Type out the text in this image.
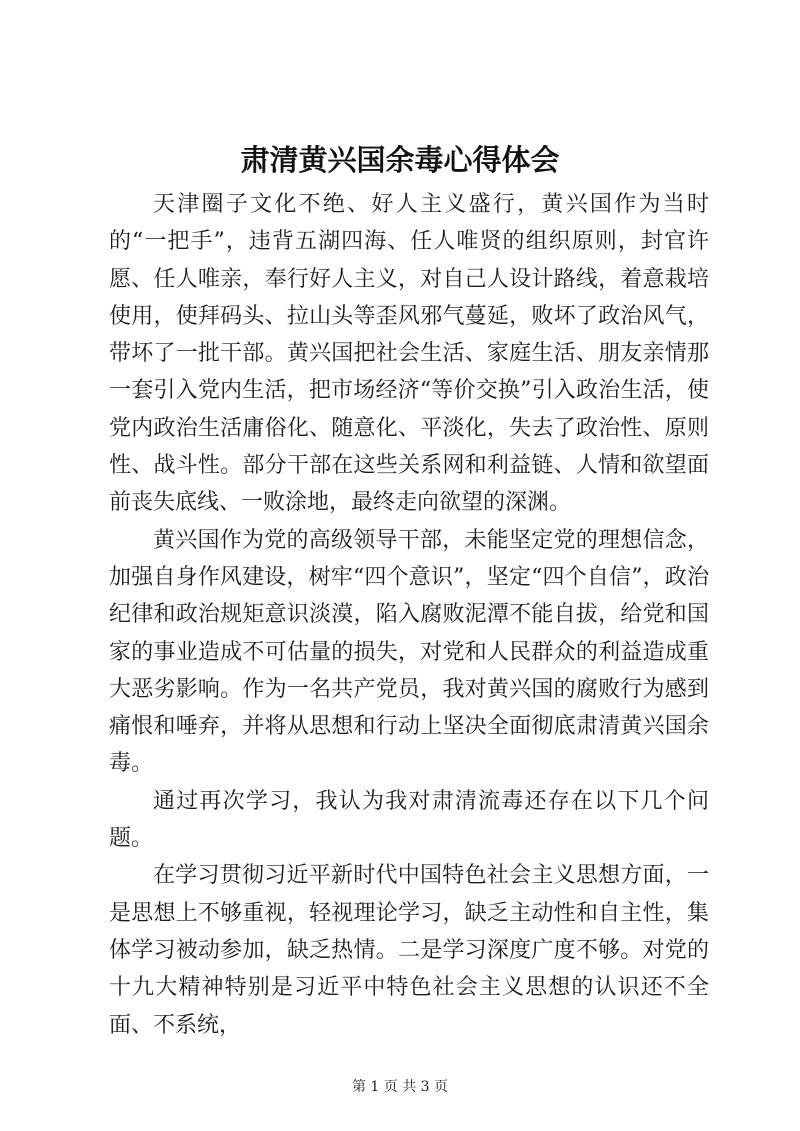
肃清黄兴国余毒心得体会

天津圈子文化不绝、好人主义盛行，黄兴国作为当时的“一把手”，违背五湖四海、任人唯贤的组织原则，封官许愿、任人唯亲，奉行好人主义，对自己人设计路线，着意栽培使用，使拜码头、拉山头等歪风邪气蔓延，败坏了政治风气，带坏了一批干部。黄兴国把社会生活、家庭生活、朋友亲情那一套引入党内生活，把市场经济“等价交换”引入政治生活，使党内政治生活庸俗化、随意化、平淡化，失去了政治性、原则性、战斗性。部分干部在这些关系网和利益链、人情和欲望面前丧失底线、一败涂地，最终走向欲望的深渊。

黄兴国作为党的高级领导干部，未能坚定党的理想信念，加强自身作风建设，树牢“四个意识”，坚定“四个自信”，政治纪律和政治规矩意识淡漠，陷入腐败泥潭不能自拔，给党和国家的事业造成不可估量的损失，对党和人民群众的利益造成重大恶劣影响。作为一名共产党员，我对黄兴国的腐败行为感到痛恨和唾弃，并将从思想和行动上坚决全面彻底肃清黄兴国余毒。

通过再次学习，我认为我对肃清流毒还存在以下几个问题。

在学习贯彻习近平新时代中国特色社会主义思想方面，一是思想上不够重视，轻视理论学习，缺乏主动性和自主性，集体学习被动参加，缺乏热情。二是学习深度广度不够。对党的十九大精神特别是习近平中特色社会主义思想的认识还不全面、不系统，

第 1 页 共 3 页
